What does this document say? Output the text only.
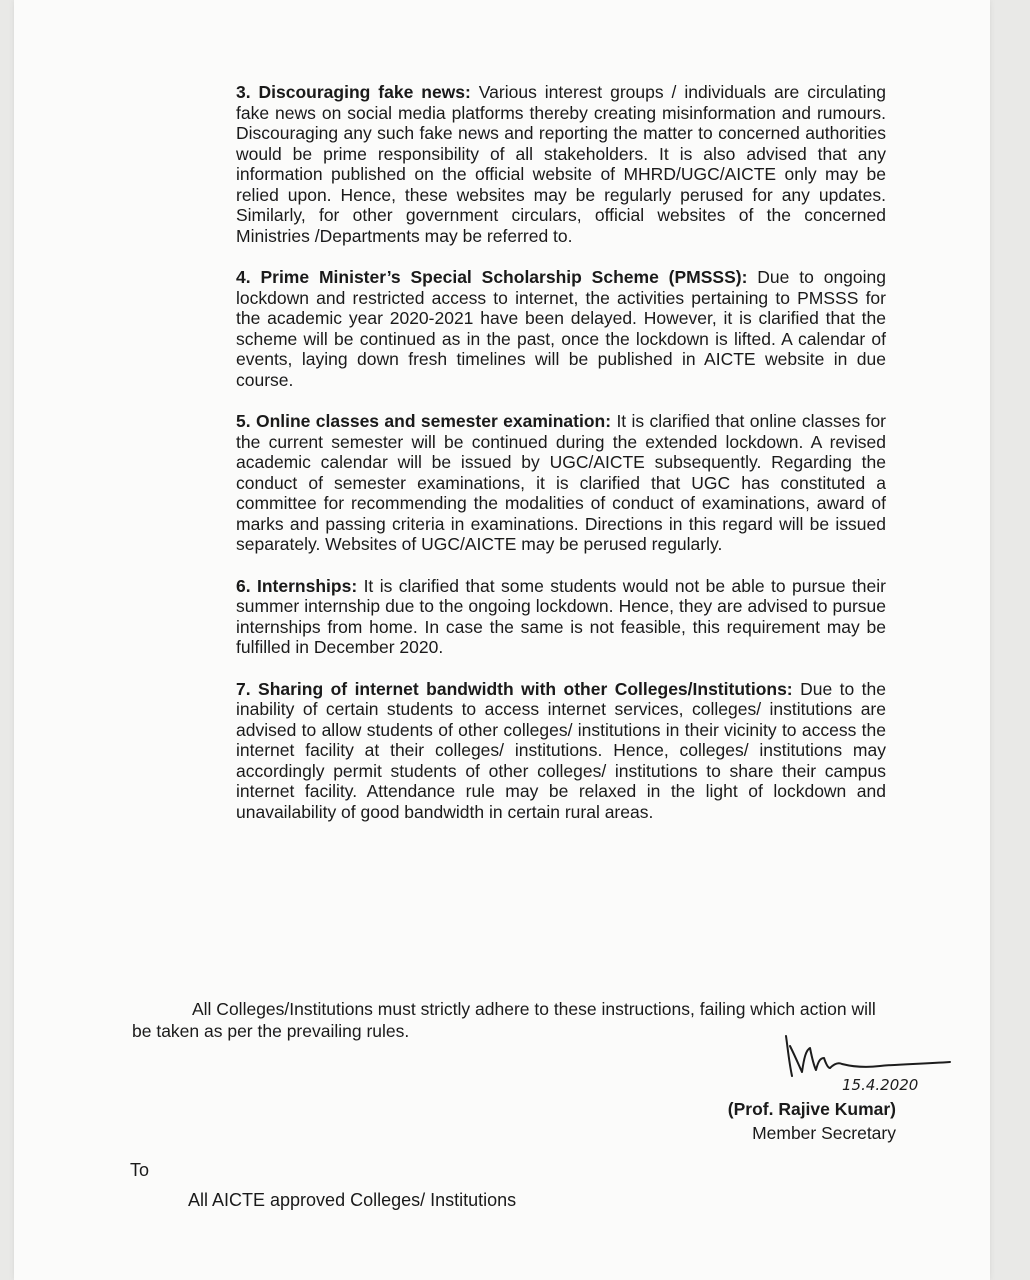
3. Discouraging fake news: Various interest groups / individuals are circulating fake news on social media platforms thereby creating misinformation and rumours. Discouraging any such fake news and reporting the matter to concerned authorities would be prime responsibility of all stakeholders. It is also advised that any information published on the official website of MHRD/UGC/AICTE only may be relied upon. Hence, these websites may be regularly perused for any updates. Similarly, for other government circulars, official websites of the concerned Ministries /Departments may be referred to.

4. Prime Minister’s Special Scholarship Scheme (PMSSS): Due to ongoing lockdown and restricted access to internet, the activities pertaining to PMSSS for the academic year 2020-2021 have been delayed. However, it is clarified that the scheme will be continued as in the past, once the lockdown is lifted. A calendar of events, laying down fresh timelines will be published in AICTE website in due course.

5. Online classes and semester examination: It is clarified that online classes for the current semester will be continued during the extended lockdown. A revised academic calendar will be issued by UGC/AICTE subsequently. Regarding the conduct of semester examinations, it is clarified that UGC has constituted a committee for recommending the modalities of conduct of examinations, award of marks and passing criteria in examinations. Directions in this regard will be issued separately. Websites of UGC/AICTE may be perused regularly.

6. Internships: It is clarified that some students would not be able to pursue their summer internship due to the ongoing lockdown. Hence, they are advised to pursue internships from home. In case the same is not feasible, this requirement may be fulfilled in December 2020.

7. Sharing of internet bandwidth with other Colleges/Institutions: Due to the inability of certain students to access internet services, colleges/ institutions are advised to allow students of other colleges/ institutions in their vicinity to access the internet facility at their colleges/ institutions. Hence, colleges/ institutions may accordingly permit students of other colleges/ institutions to share their campus internet facility. Attendance rule may be relaxed in the light of lockdown and unavailability of good bandwidth in certain rural areas.

All Colleges/Institutions must strictly adhere to these instructions, failing which action will be taken as per the prevailing rules.
15.4.2020
(Prof. Rajive Kumar)
Member Secretary
To
All AICTE approved Colleges/ Institutions
